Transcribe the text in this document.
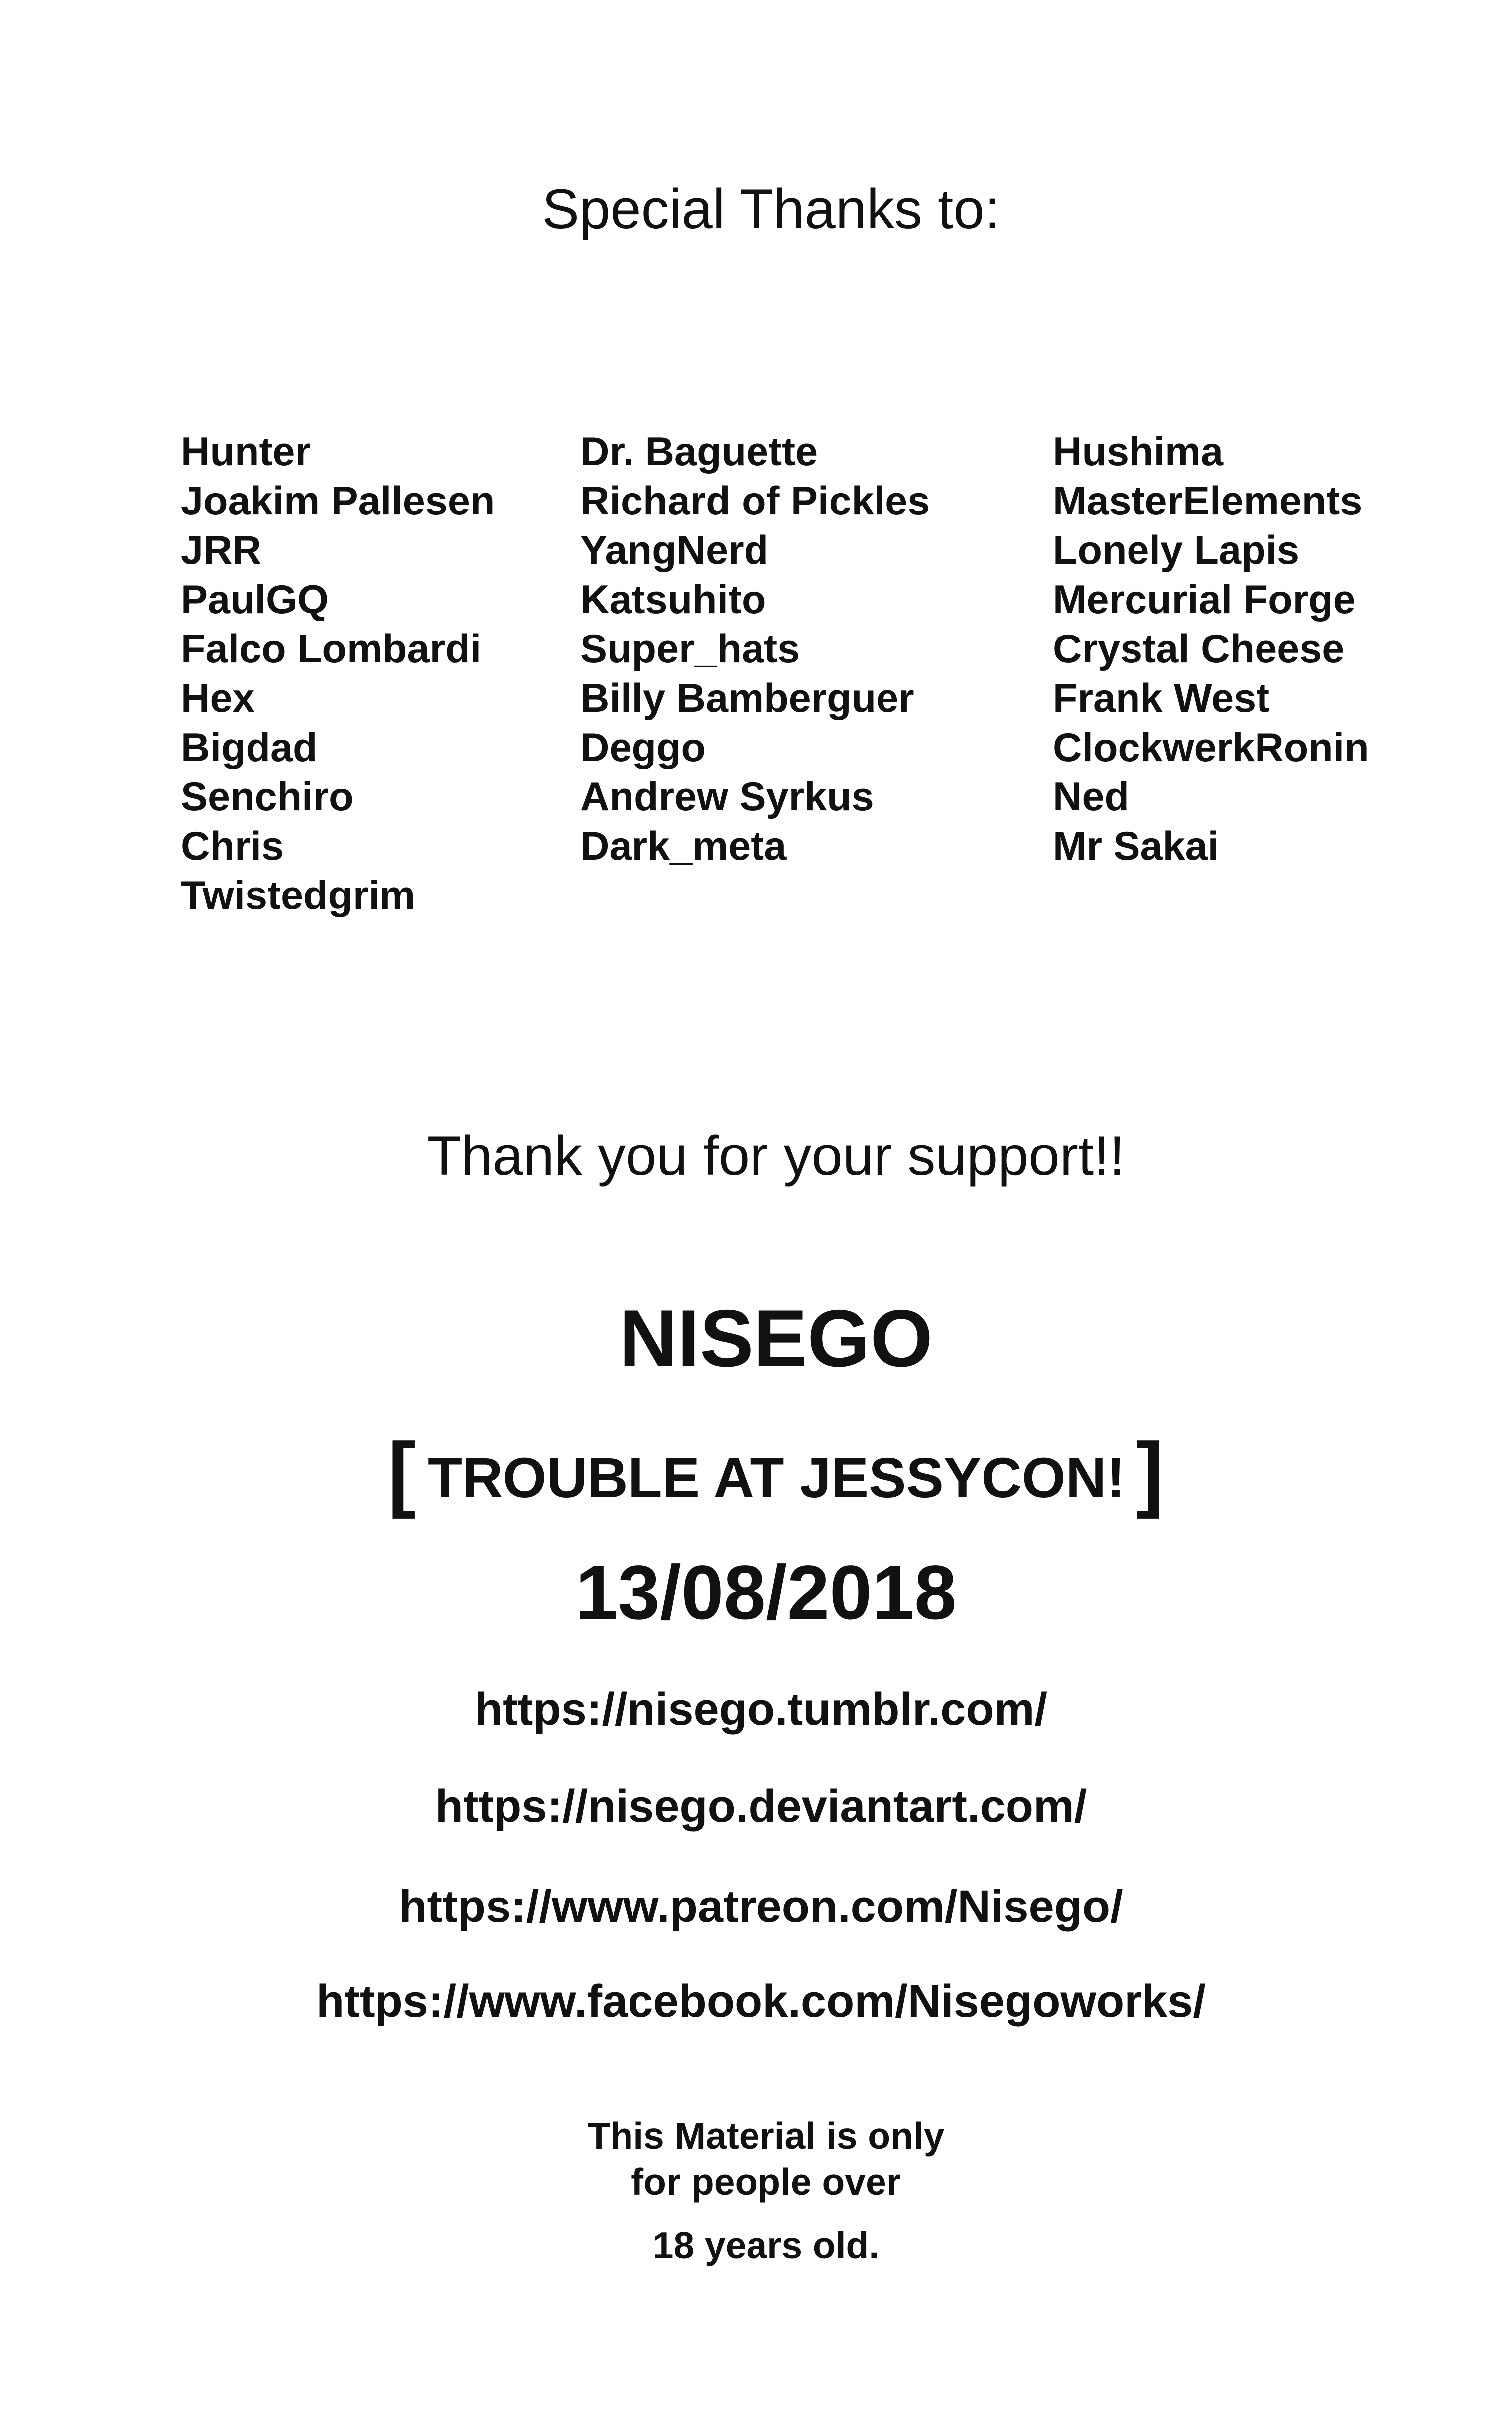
Special Thanks to:
Hunter
Joakim Pallesen
JRR
PaulGQ
Falco Lombardi
Hex
Bigdad
Senchiro
Chris
Twistedgrim
Dr. Baguette
Richard of Pickles
YangNerd
Katsuhito
Super_hats
Billy Bamberguer
Deggo
Andrew Syrkus
Dark_meta
Hushima
MasterElements
Lonely Lapis
Mercurial Forge
Crystal Cheese
Frank West
ClockwerkRonin
Ned
Mr Sakai
Thank you for your support!!
NISEGO
[ TROUBLE AT JESSYCON! ]
13/08/2018
https://nisego.tumblr.com/
https://nisego.deviantart.com/
https://www.patreon.com/Nisego/
https://www.facebook.com/Nisegoworks/
This Material is only
for people over
18 years old.
